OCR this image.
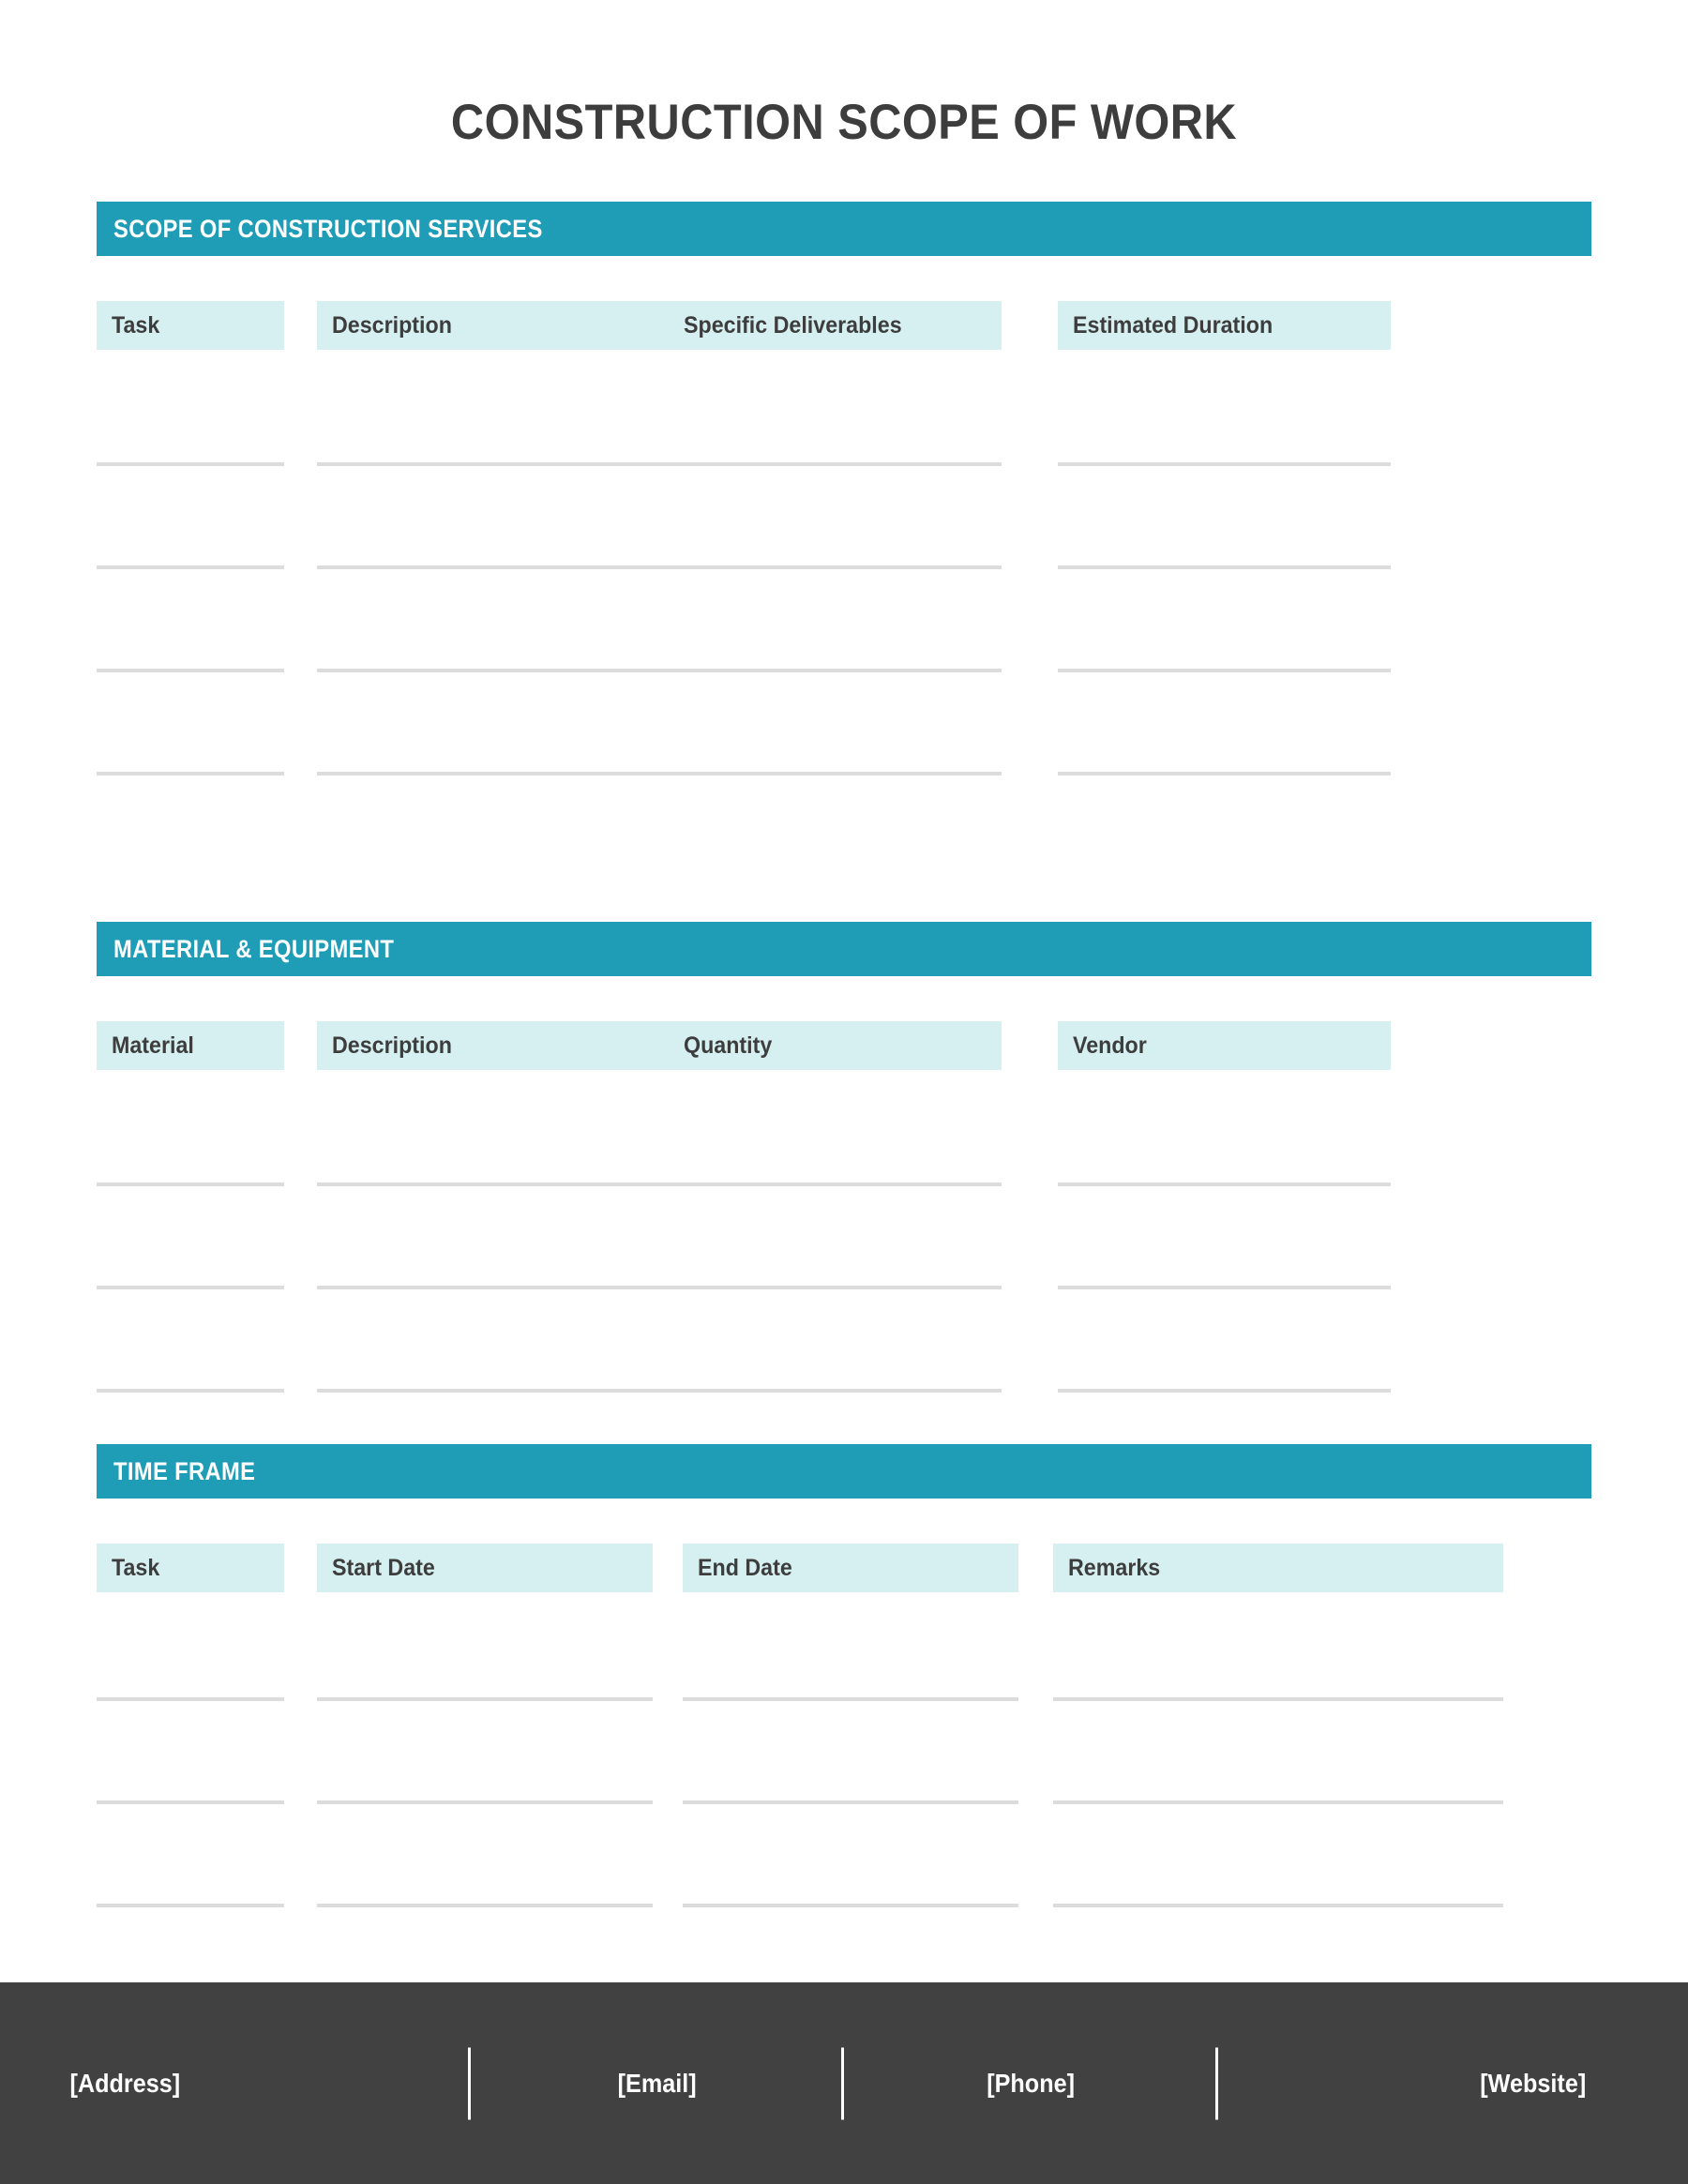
CONSTRUCTION SCOPE OF WORK
SCOPE OF CONSTRUCTION SERVICES
Task	Description	Specific Deliverables	Estimated Duration
MATERIAL & EQUIPMENT
Material	Description	Quantity	Vendor
TIME FRAME
Task	Start Date	End Date	Remarks
[Address]	[Email]	[Phone]	[Website]
